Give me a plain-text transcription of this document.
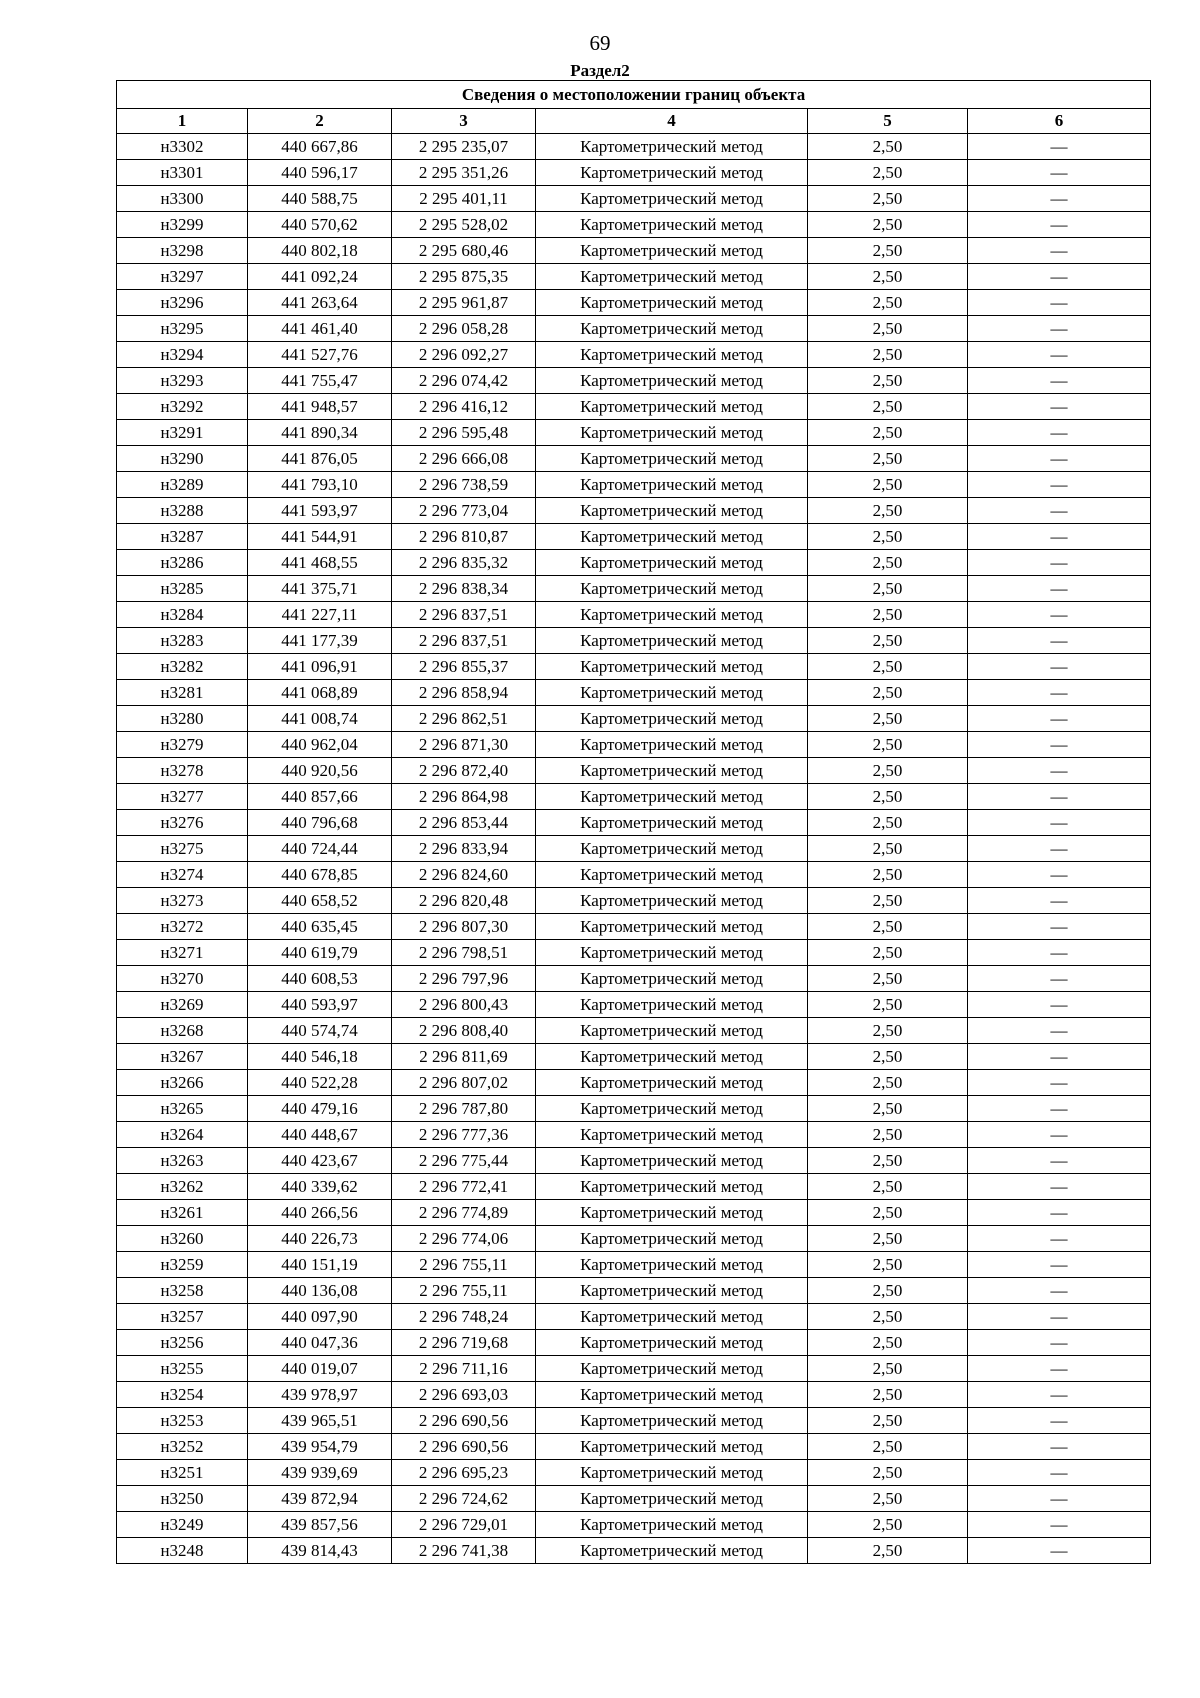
69
Раздел2
Сведения о местоположении границ объекта					
1	2	3	4	5	6
н3302	440 667,86	2 295 235,07	Картометрический метод	2,50	—
н3301	440 596,17	2 295 351,26	Картометрический метод	2,50	—
н3300	440 588,75	2 295 401,11	Картометрический метод	2,50	—
н3299	440 570,62	2 295 528,02	Картометрический метод	2,50	—
н3298	440 802,18	2 295 680,46	Картометрический метод	2,50	—
н3297	441 092,24	2 295 875,35	Картометрический метод	2,50	—
н3296	441 263,64	2 295 961,87	Картометрический метод	2,50	—
н3295	441 461,40	2 296 058,28	Картометрический метод	2,50	—
н3294	441 527,76	2 296 092,27	Картометрический метод	2,50	—
н3293	441 755,47	2 296 074,42	Картометрический метод	2,50	—
н3292	441 948,57	2 296 416,12	Картометрический метод	2,50	—
н3291	441 890,34	2 296 595,48	Картометрический метод	2,50	—
н3290	441 876,05	2 296 666,08	Картометрический метод	2,50	—
н3289	441 793,10	2 296 738,59	Картометрический метод	2,50	—
н3288	441 593,97	2 296 773,04	Картометрический метод	2,50	—
н3287	441 544,91	2 296 810,87	Картометрический метод	2,50	—
н3286	441 468,55	2 296 835,32	Картометрический метод	2,50	—
н3285	441 375,71	2 296 838,34	Картометрический метод	2,50	—
н3284	441 227,11	2 296 837,51	Картометрический метод	2,50	—
н3283	441 177,39	2 296 837,51	Картометрический метод	2,50	—
н3282	441 096,91	2 296 855,37	Картометрический метод	2,50	—
н3281	441 068,89	2 296 858,94	Картометрический метод	2,50	—
н3280	441 008,74	2 296 862,51	Картометрический метод	2,50	—
н3279	440 962,04	2 296 871,30	Картометрический метод	2,50	—
н3278	440 920,56	2 296 872,40	Картометрический метод	2,50	—
н3277	440 857,66	2 296 864,98	Картометрический метод	2,50	—
н3276	440 796,68	2 296 853,44	Картометрический метод	2,50	—
н3275	440 724,44	2 296 833,94	Картометрический метод	2,50	—
н3274	440 678,85	2 296 824,60	Картометрический метод	2,50	—
н3273	440 658,52	2 296 820,48	Картометрический метод	2,50	—
н3272	440 635,45	2 296 807,30	Картометрический метод	2,50	—
н3271	440 619,79	2 296 798,51	Картометрический метод	2,50	—
н3270	440 608,53	2 296 797,96	Картометрический метод	2,50	—
н3269	440 593,97	2 296 800,43	Картометрический метод	2,50	—
н3268	440 574,74	2 296 808,40	Картометрический метод	2,50	—
н3267	440 546,18	2 296 811,69	Картометрический метод	2,50	—
н3266	440 522,28	2 296 807,02	Картометрический метод	2,50	—
н3265	440 479,16	2 296 787,80	Картометрический метод	2,50	—
н3264	440 448,67	2 296 777,36	Картометрический метод	2,50	—
н3263	440 423,67	2 296 775,44	Картометрический метод	2,50	—
н3262	440 339,62	2 296 772,41	Картометрический метод	2,50	—
н3261	440 266,56	2 296 774,89	Картометрический метод	2,50	—
н3260	440 226,73	2 296 774,06	Картометрический метод	2,50	—
н3259	440 151,19	2 296 755,11	Картометрический метод	2,50	—
н3258	440 136,08	2 296 755,11	Картометрический метод	2,50	—
н3257	440 097,90	2 296 748,24	Картометрический метод	2,50	—
н3256	440 047,36	2 296 719,68	Картометрический метод	2,50	—
н3255	440 019,07	2 296 711,16	Картометрический метод	2,50	—
н3254	439 978,97	2 296 693,03	Картометрический метод	2,50	—
н3253	439 965,51	2 296 690,56	Картометрический метод	2,50	—
н3252	439 954,79	2 296 690,56	Картометрический метод	2,50	—
н3251	439 939,69	2 296 695,23	Картометрический метод	2,50	—
н3250	439 872,94	2 296 724,62	Картометрический метод	2,50	—
н3249	439 857,56	2 296 729,01	Картометрический метод	2,50	—
н3248	439 814,43	2 296 741,38	Картометрический метод	2,50	—
